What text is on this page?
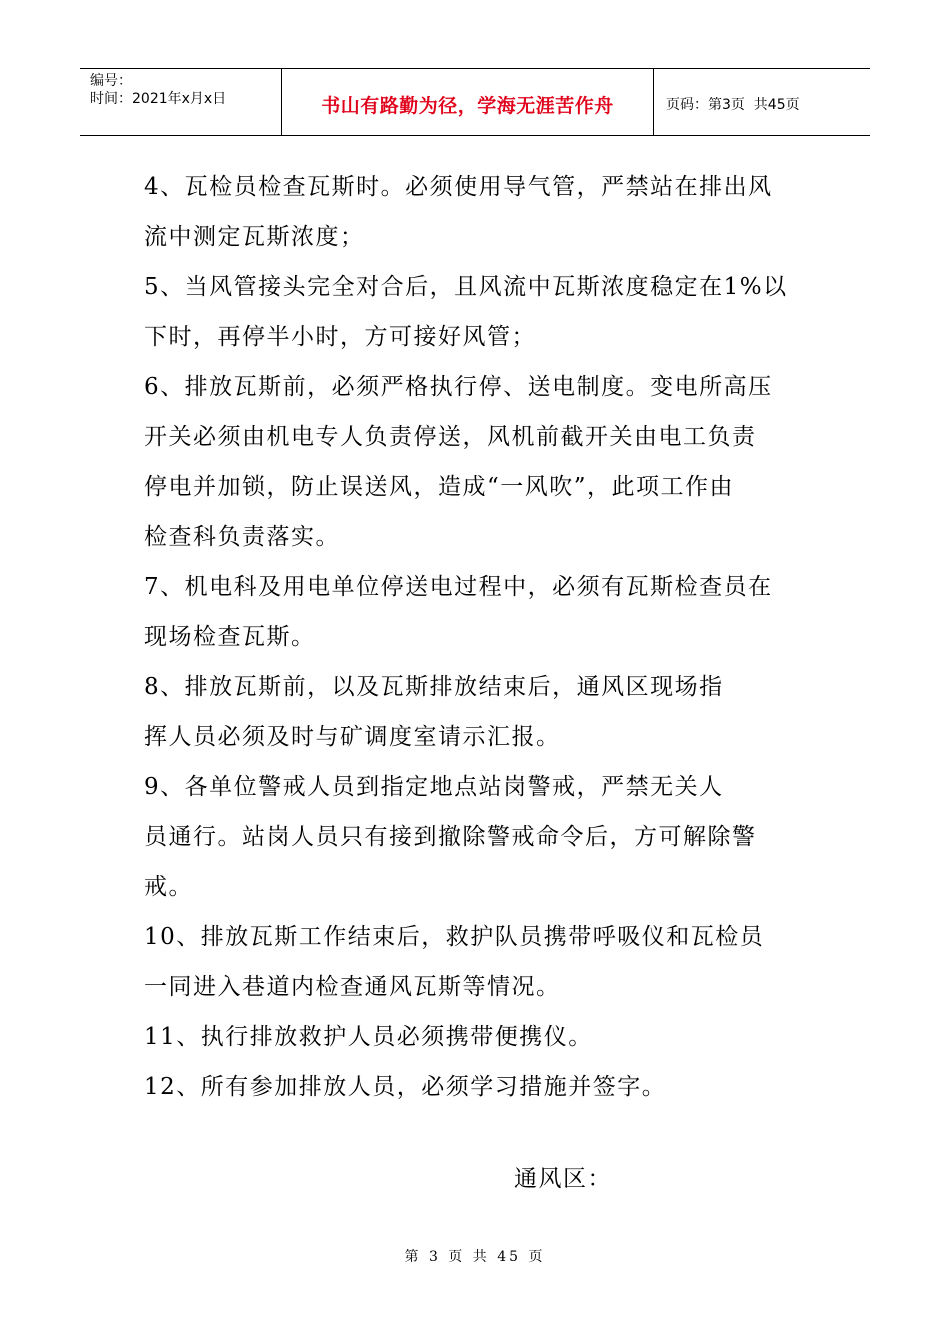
编号：
时间：2021年x月x日	书山有路勤为径，学海无涯苦作舟	页码：第3页  共45页
4、瓦检员检查瓦斯时。必须使用导气管，严禁站在排出风
流中测定瓦斯浓度；
5、当风管接头完全对合后，且风流中瓦斯浓度稳定在1%以
下时，再停半小时，方可接好风管；
6、排放瓦斯前，必须严格执行停、送电制度。变电所高压
开关必须由机电专人负责停送，风机前截开关由电工负责
停电并加锁，防止误送风，造成“一风吹”，此项工作由
检查科负责落实。
7、机电科及用电单位停送电过程中，必须有瓦斯检查员在
现场检查瓦斯。
8、排放瓦斯前，以及瓦斯排放结束后，通风区现场指
挥人员必须及时与矿调度室请示汇报。
9、各单位警戒人员到指定地点站岗警戒，严禁无关人
员通行。站岗人员只有接到撤除警戒命令后，方可解除警
戒。
10、排放瓦斯工作结束后，救护队员携带呼吸仪和瓦检员
一同进入巷道内检查通风瓦斯等情况。
11、执行排放救护人员必须携带便携仪。
12、所有参加排放人员，必须学习措施并签字。
通风区：
第 3 页 共 45 页
